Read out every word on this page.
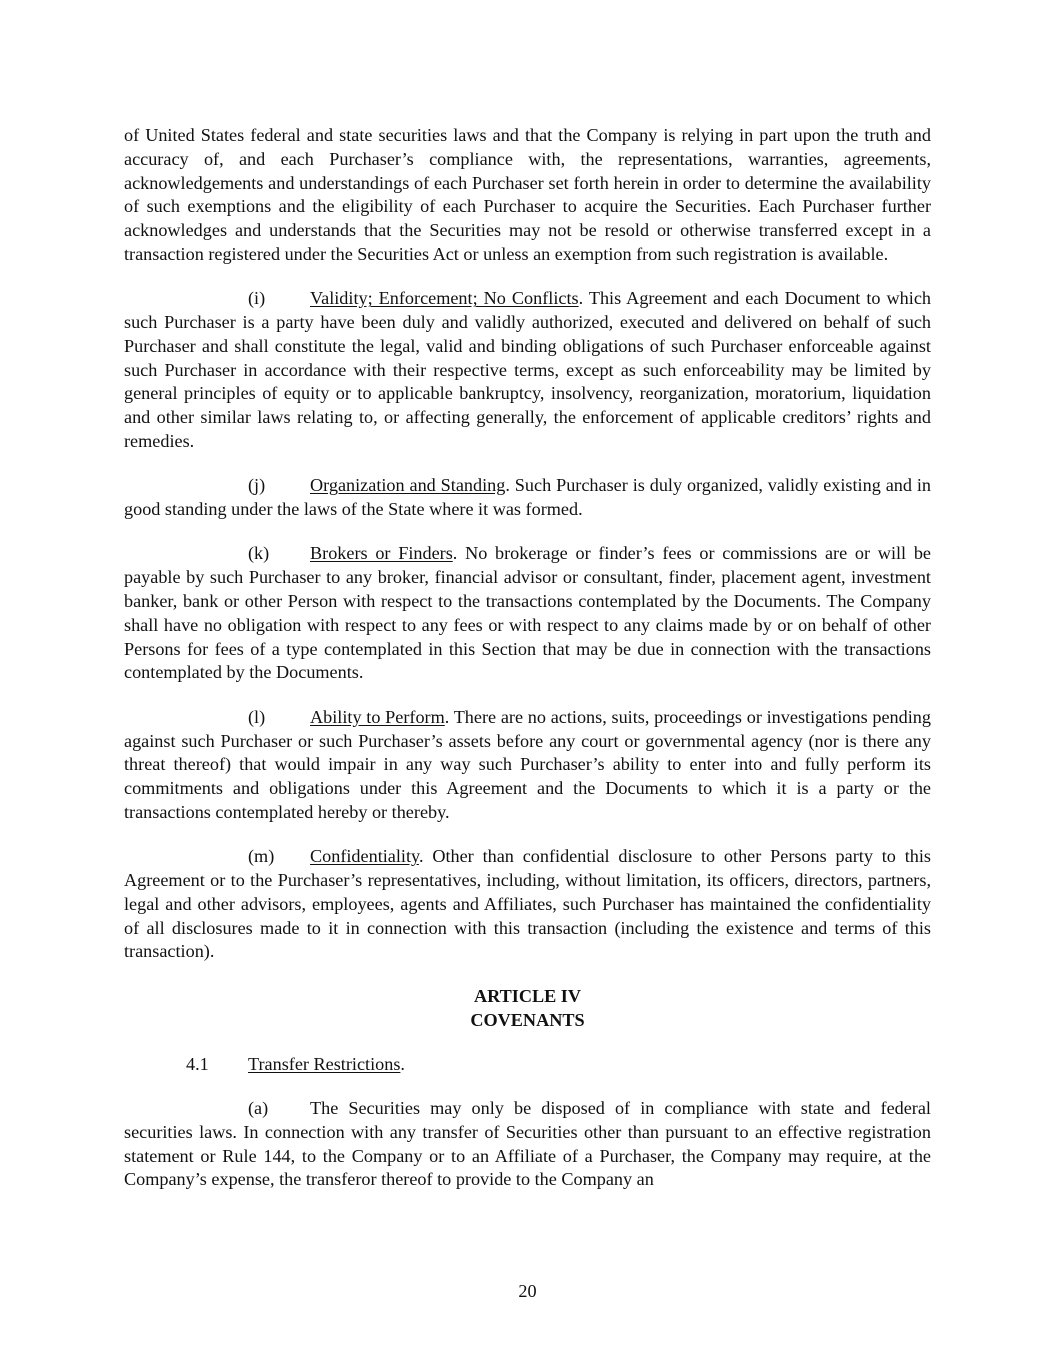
of United States federal and state securities laws and that the Company is relying in part upon the truth and accuracy of, and each Purchaser’s compliance with, the representations, warranties, agreements, acknowledgements and understandings of each Purchaser set forth herein in order to determine the availability of such exemptions and the eligibility of each Purchaser to acquire the Securities. Each Purchaser further acknowledges and understands that the Securities may not be resold or otherwise transferred except in a transaction registered under the Securities Act or unless an exemption from such registration is available.

(i) Validity; Enforcement; No Conflicts. This Agreement and each Document to which such Purchaser is a party have been duly and validly authorized, executed and delivered on behalf of such Purchaser and shall constitute the legal, valid and binding obligations of such Purchaser enforceable against such Purchaser in accordance with their respective terms, except as such enforceability may be limited by general principles of equity or to applicable bankruptcy, insolvency, reorganization, moratorium, liquidation and other similar laws relating to, or affecting generally, the enforcement of applicable creditors’ rights and remedies.

(j) Organization and Standing. Such Purchaser is duly organized, validly existing and in good standing under the laws of the State where it was formed.

(k) Brokers or Finders. No brokerage or finder’s fees or commissions are or will be payable by such Purchaser to any broker, financial advisor or consultant, finder, placement agent, investment banker, bank or other Person with respect to the transactions contemplated by the Documents. The Company shall have no obligation with respect to any fees or with respect to any claims made by or on behalf of other Persons for fees of a type contemplated in this Section that may be due in connection with the transactions contemplated by the Documents.

(l) Ability to Perform. There are no actions, suits, proceedings or investigations pending against such Purchaser or such Purchaser’s assets before any court or governmental agency (nor is there any threat thereof) that would impair in any way such Purchaser’s ability to enter into and fully perform its commitments and obligations under this Agreement and the Documents to which it is a party or the transactions contemplated hereby or thereby.

(m) Confidentiality. Other than confidential disclosure to other Persons party to this Agreement or to the Purchaser’s representatives, including, without limitation, its officers, directors, partners, legal and other advisors, employees, agents and Affiliates, such Purchaser has maintained the confidentiality of all disclosures made to it in connection with this transaction (including the existence and terms of this transaction).

ARTICLE IV
COVENANTS
4.1 Transfer Restrictions.

(a) The Securities may only be disposed of in compliance with state and federal securities laws. In connection with any transfer of Securities other than pursuant to an effective registration statement or Rule 144, to the Company or to an Affiliate of a Purchaser, the Company may require, at the Company’s expense, the transferor thereof to provide to the Company an

20
